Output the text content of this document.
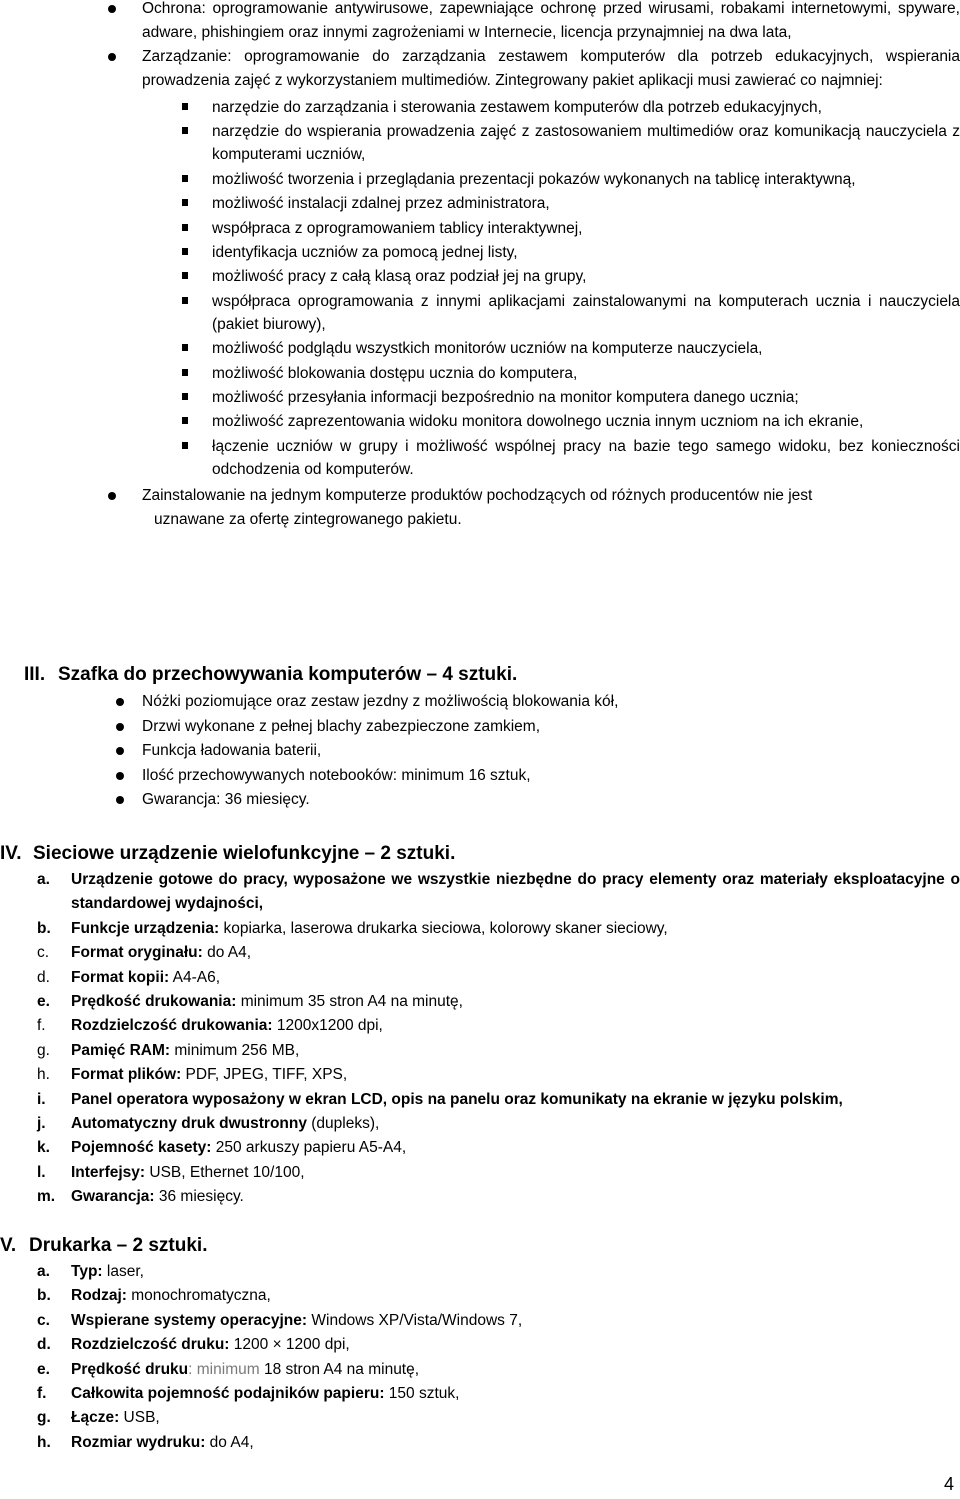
Ochrona: oprogramowanie antywirusowe, zapewniające ochronę przed wirusami, robakami internetowymi, spyware, adware, phishingiem oraz innymi zagrożeniami w Internecie, licencja przynajmniej na dwa lata,
Zarządzanie: oprogramowanie do zarządzania zestawem komputerów dla potrzeb edukacyjnych, wspierania prowadzenia zajęć z wykorzystaniem multimediów. Zintegrowany pakiet aplikacji musi zawierać co najmniej:
narzędzie do zarządzania i sterowania zestawem komputerów dla potrzeb edukacyjnych,
narzędzie do wspierania prowadzenia zajęć z zastosowaniem multimediów oraz komunikacją nauczyciela z komputerami uczniów,
możliwość tworzenia i przeglądania prezentacji pokazów wykonanych na tablicę interaktywną,
możliwość instalacji zdalnej przez administratora,
współpraca z oprogramowaniem tablicy interaktywnej,
identyfikacja uczniów za pomocą jednej listy,
możliwość pracy z całą klasą oraz podział jej na grupy,
współpraca oprogramowania z innymi aplikacjami zainstalowanymi na komputerach ucznia i nauczyciela (pakiet biurowy),
możliwość podglądu wszystkich monitorów uczniów na komputerze nauczyciela,
możliwość blokowania dostępu ucznia do komputera,
możliwość przesyłania informacji bezpośrednio na monitor komputera danego ucznia;
możliwość zaprezentowania widoku monitora dowolnego ucznia innym uczniom na ich ekranie,
łączenie uczniów w grupy i możliwość wspólnej pracy na bazie tego samego widoku, bez konieczności odchodzenia od komputerów.
Zainstalowanie na jednym komputerze produktów pochodzących od różnych producentów nie jest
uznawane za ofertę zintegrowanego pakietu.
III. Szafka do przechowywania komputerów – 4 sztuki.
Nóżki poziomujące oraz zestaw jezdny z możliwością blokowania kół,
Drzwi wykonane z pełnej blachy zabezpieczone zamkiem,
Funkcja ładowania baterii,
Ilość przechowywanych notebooków: minimum 16 sztuk,
Gwarancja: 36 miesięcy.
IV. Sieciowe urządzenie wielofunkcyjne – 2 sztuki.
a. Urządzenie gotowe do pracy, wyposażone we wszystkie niezbędne do pracy elementy oraz materiały eksploatacyjne o standardowej wydajności,
b. Funkcje urządzenia: kopiarka, laserowa drukarka sieciowa, kolorowy skaner sieciowy,
c. Format oryginału: do A4,
d. Format kopii: A4-A6,
e. Prędkość drukowania: minimum 35 stron A4 na minutę,
f. Rozdzielczość drukowania: 1200x1200 dpi,
g. Pamięć RAM: minimum 256 MB,
h. Format plików: PDF, JPEG, TIFF, XPS,
i. Panel operatora wyposażony w ekran LCD, opis na panelu oraz komunikaty na ekranie w języku polskim,
j. Automatyczny druk dwustronny (dupleks),
k. Pojemność kasety: 250 arkuszy papieru A5-A4,
l. Interfejsy: USB, Ethernet 10/100,
m. Gwarancja: 36 miesięcy.
V. Drukarka – 2 sztuki.
a. Typ: laser,
b. Rodzaj: monochromatyczna,
c. Wspierane systemy operacyjne: Windows XP/Vista/Windows 7,
d. Rozdzielczość druku: 1200 × 1200 dpi,
e. Prędkość druku: minimum 18 stron A4 na minutę,
f. Całkowita pojemność podajników papieru: 150 sztuk,
g. Łącze: USB,
h. Rozmiar wydruku: do A4,
4
